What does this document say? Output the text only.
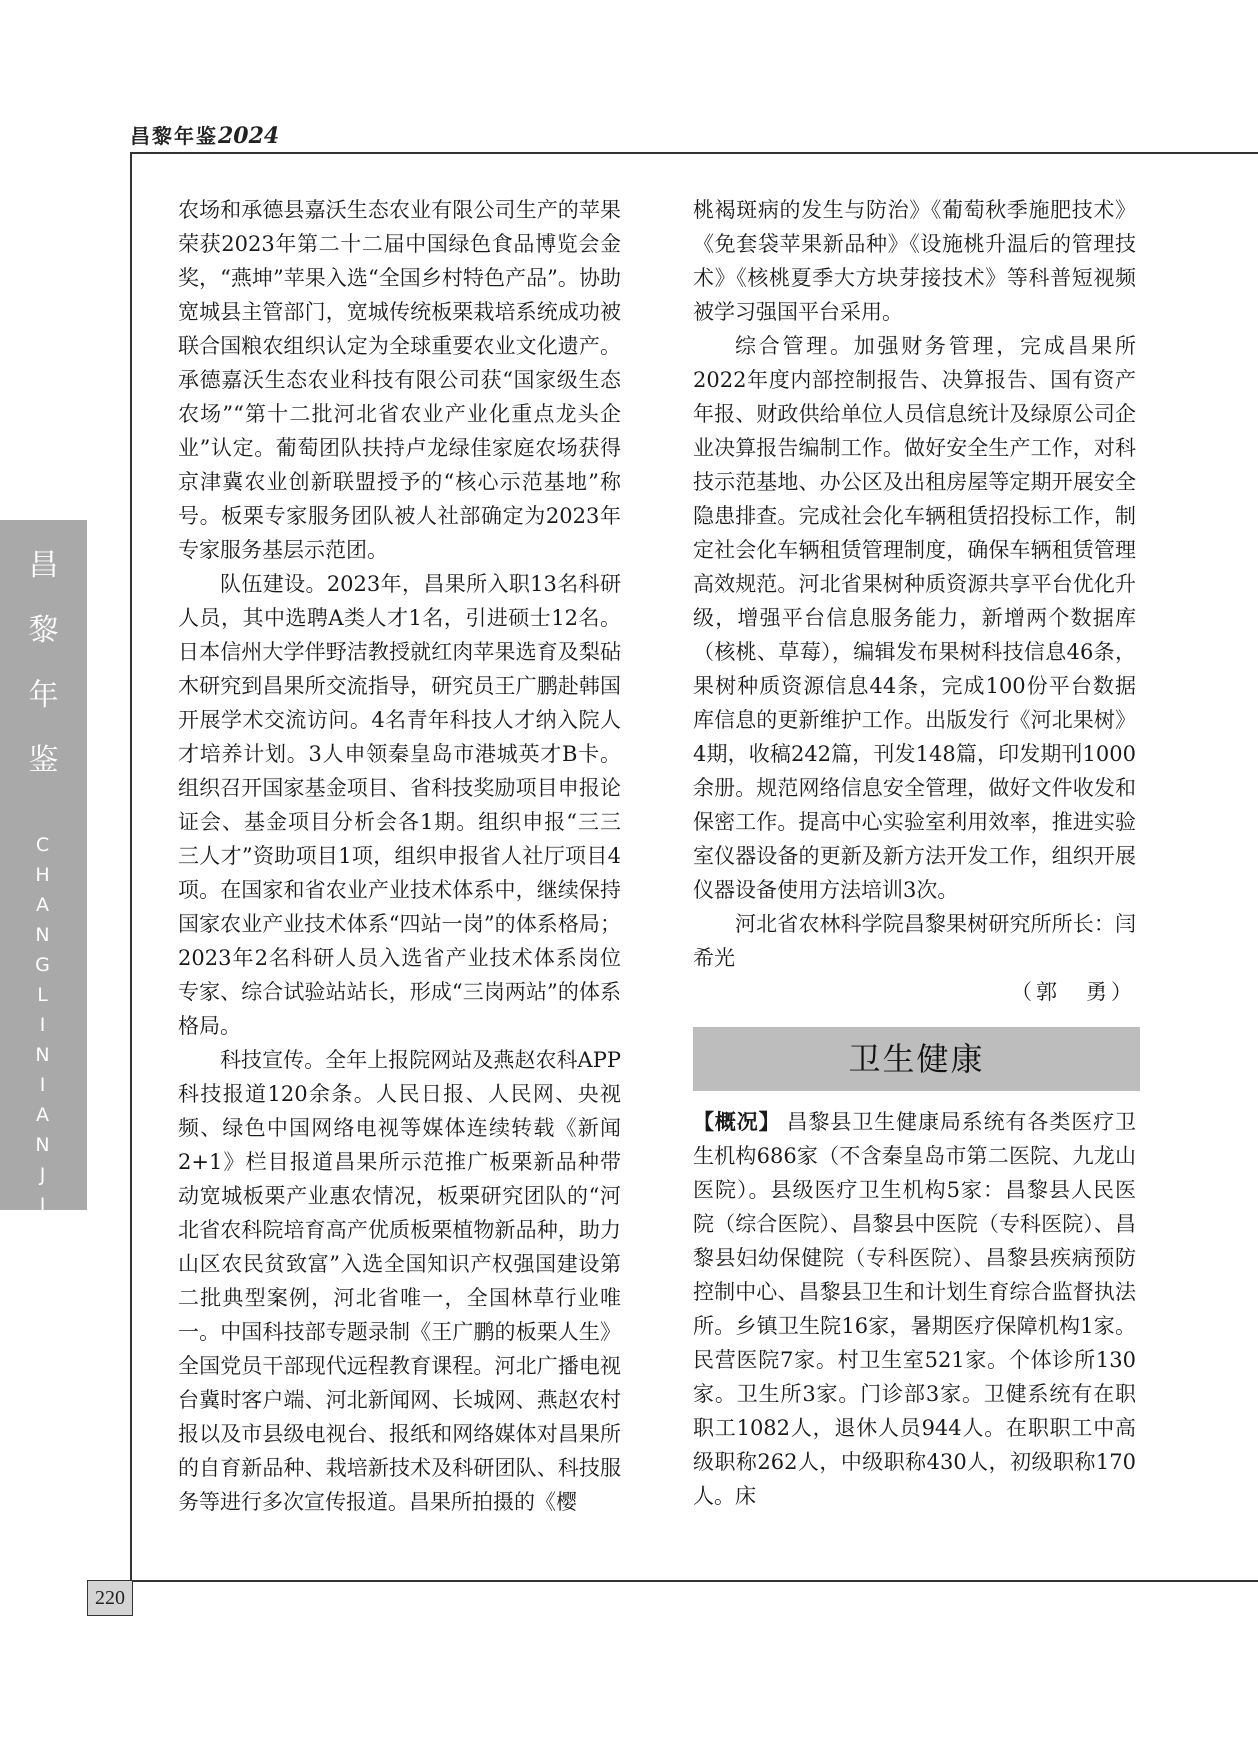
昌黎年鉴2024
昌
黎
年
鉴
C
H
A
N
G
L
I
N
I
A
N
J
I
A
N
220

农场和承德县嘉沃生态农业有限公司生产的苹果荣获2023年第二十二届中国绿色食品博览会金奖，“燕坤”苹果入选“全国乡村特色产品”。协助宽城县主管部门，宽城传统板栗栽培系统成功被联合国粮农组织认定为全球重要农业文化遗产。承德嘉沃生态农业科技有限公司获“国家级生态农场”“第十二批河北省农业产业化重点龙头企业”认定。葡萄团队扶持卢龙绿佳家庭农场获得京津冀农业创新联盟授予的“核心示范基地”称号。板栗专家服务团队被人社部确定为2023年专家服务基层示范团。

队伍建设。2023年，昌果所入职13名科研人员，其中选聘A类人才1名，引进硕士12名。日本信州大学伴野洁教授就红肉苹果选育及梨砧木研究到昌果所交流指导，研究员王广鹏赴韩国开展学术交流访问。4名青年科技人才纳入院人才培养计划。3人申领秦皇岛市港城英才B卡。组织召开国家基金项目、省科技奖励项目申报论证会、基金项目分析会各1期。组织申报“三三三人才”资助项目1项，组织申报省人社厅项目4项。在国家和省农业产业技术体系中，继续保持国家农业产业技术体系“四站一岗”的体系格局；2023年2名科研人员入选省产业技术体系岗位专家、综合试验站站长，形成“三岗两站”的体系格局。

科技宣传。全年上报院网站及燕赵农科APP科技报道120余条。人民日报、人民网、央视频、绿色中国网络电视等媒体连续转载《新闻2+1》栏目报道昌果所示范推广板栗新品种带动宽城板栗产业惠农情况，板栗研究团队的“河北省农科院培育高产优质板栗植物新品种，助力山区农民贫致富”入选全国知识产权强国建设第二批典型案例，河北省唯一，全国林草行业唯一。中国科技部专题录制《王广鹏的板栗人生》全国党员干部现代远程教育课程。河北广播电视台冀时客户端、河北新闻网、长城网、燕赵农村报以及市县级电视台、报纸和网络媒体对昌果所的自育新品种、栽培新技术及科研团队、科技服务等进行多次宣传报道。昌果所拍摄的《樱

桃褐斑病的发生与防治》《葡萄秋季施肥技术》《免套袋苹果新品种》《设施桃升温后的管理技术》《核桃夏季大方块芽接技术》等科普短视频被学习强国平台采用。

综合管理。加强财务管理，完成昌果所2022年度内部控制报告、决算报告、国有资产年报、财政供给单位人员信息统计及绿原公司企业决算报告编制工作。做好安全生产工作，对科技示范基地、办公区及出租房屋等定期开展安全隐患排查。完成社会化车辆租赁招投标工作，制定社会化车辆租赁管理制度，确保车辆租赁管理高效规范。河北省果树种质资源共享平台优化升级，增强平台信息服务能力，新增两个数据库（核桃、草莓），编辑发布果树科技信息46条，果树种质资源信息44条，完成100份平台数据库信息的更新维护工作。出版发行《河北果树》4期，收稿242篇，刊发148篇，印发期刊1000余册。规范网络信息安全管理，做好文件收发和保密工作。提高中心实验室利用效率，推进实验室仪器设备的更新及新方法开发工作，组织开展仪器设备使用方法培训3次。

河北省农林科学院昌黎果树研究所所长：闫希光

（郭　勇）

卫生健康

【概况】 昌黎县卫生健康局系统有各类医疗卫生机构686家（不含秦皇岛市第二医院、九龙山医院）。县级医疗卫生机构5家：昌黎县人民医院（综合医院）、昌黎县中医院（专科医院）、昌黎县妇幼保健院（专科医院）、昌黎县疾病预防控制中心、昌黎县卫生和计划生育综合监督执法所。乡镇卫生院16家，暑期医疗保障机构1家。民营医院7家。村卫生室521家。个体诊所130家。卫生所3家。门诊部3家。卫健系统有在职职工1082人，退休人员944人。在职职工中高级职称262人，中级职称430人，初级职称170人。床
